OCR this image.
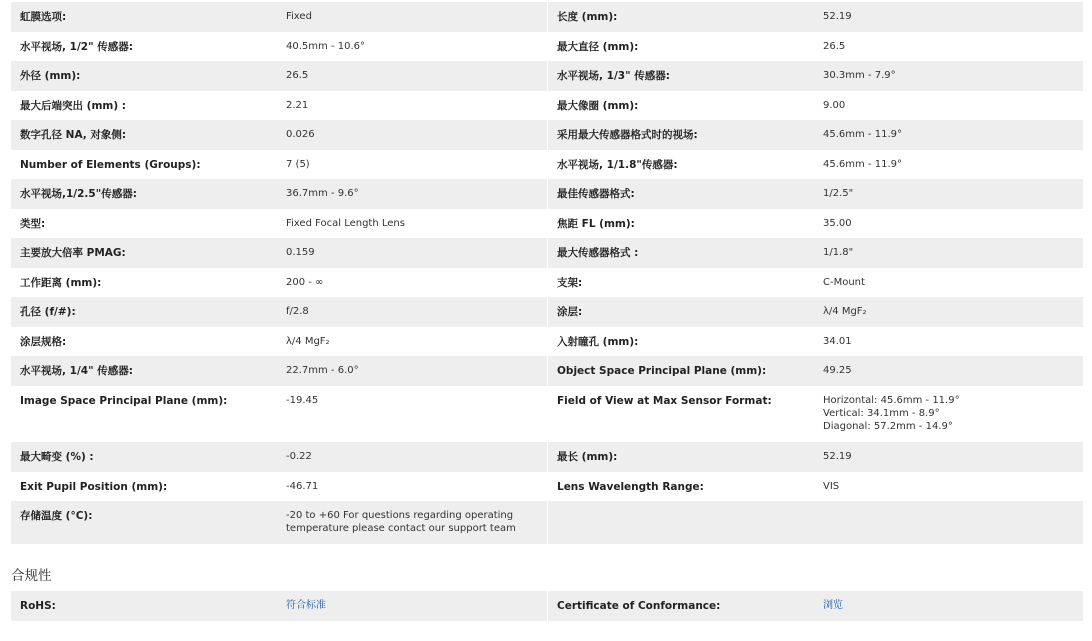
虹膜选项:	Fixed	长度 (mm):	52.19
水平视场, 1/2" 传感器:	40.5mm - 10.6°	最大直径 (mm):	26.5
外径 (mm):	26.5	水平视场, 1/3" 传感器:	30.3mm - 7.9°
最大后端突出 (mm) :	2.21	最大像圈 (mm):	9.00
数字孔径 NA, 对象侧:	0.026	采用最大传感器格式时的视场:	45.6mm - 11.9°
Number of Elements (Groups):	7 (5)	水平视场, 1/1.8"传感器:	45.6mm - 11.9°
水平视场,1/2.5"传感器:	36.7mm - 9.6°	最佳传感器格式:	1/2.5"
类型:	Fixed Focal Length Lens	焦距 FL (mm):	35.00
主要放大倍率 PMAG:	0.159	最大传感器格式 :	1/1.8"
工作距离 (mm):	200 - ∞	支架:	C-Mount
孔径 (f/#):	f/2.8	涂层:	λ/4 MgF₂
涂层规格:	λ/4 MgF₂	入射瞳孔 (mm):	34.01
水平视场, 1/4" 传感器:	22.7mm - 6.0°	Object Space Principal Plane (mm):	49.25
Image Space Principal Plane (mm):	-19.45	Field of View at Max Sensor Format:	Horizontal: 45.6mm - 11.9°
Vertical: 34.1mm - 8.9°
Diagonal: 57.2mm - 14.9°
最大畸变 (%) :	-0.22	最长 (mm):	52.19
Exit Pupil Position (mm):	-46.71	Lens Wavelength Range:	VIS
存储温度 (°C):	-20 to +60 For questions regarding operating
temperature please contact our support team
合规性
RoHS:	符合标准	Certificate of Conformance:	浏览
